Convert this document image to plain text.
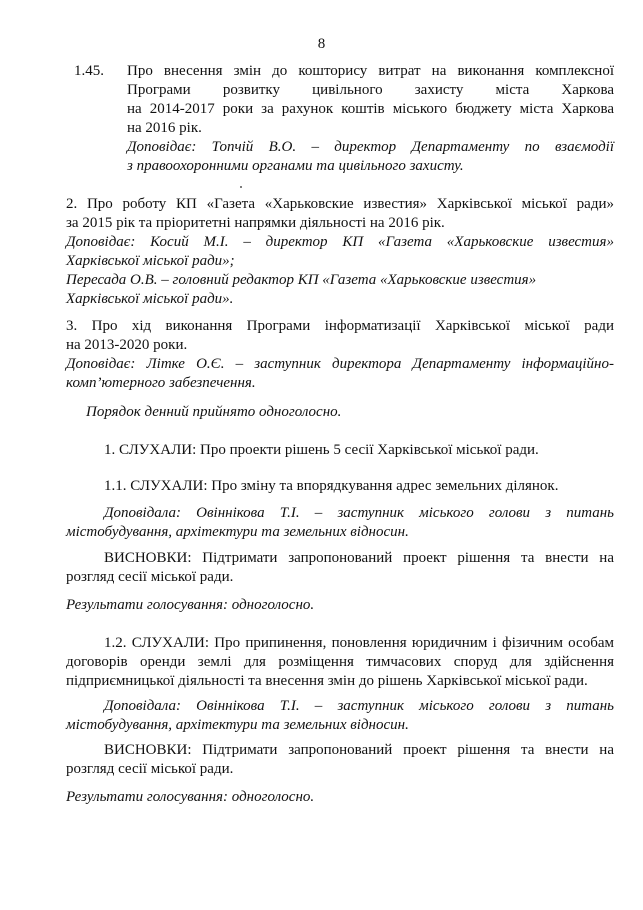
8
1.45. Про внесення змін до кошторису витрат на виконання комплексної

Програми розвитку цивільного захисту міста Харкова

на 2014-2017 роки за рахунок коштів міського бюджету міста Харкова

на 2016 рік.

Доповідає: Топчій В.О. – директор Департаменту по взаємодії

з правоохоронними органами та цивільного захисту.

2. Про роботу КП «Газета «Харьковские известия» Харківської міської ради»

за 2015 рік та пріоритетні напрямки діяльності на 2016 рік.

Доповідає: Косий М.І. – директор КП «Газета «Харьковские известия»

Харківської міської ради»;

Пересада О.В. – головний редактор КП «Газета «Харьковские известия»

Харківської міської ради».

3. Про хід виконання Програми інформатизації Харківської міської ради

на 2013-2020 роки.

Доповідає: Літке О.Є. – заступник директора Департаменту інформаційно-

комп’ютерного забезпечення.

Порядок денний прийнято одноголосно.

1. СЛУХАЛИ: Про проекти рішень 5 сесії Харківської міської ради.

1.1. СЛУХАЛИ: Про зміну та впорядкування адрес земельних ділянок.

Доповідала: Овіннікова Т.І. – заступник міського голови з питань

містобудування, архітектури та земельних відносин.

ВИСНОВКИ: Підтримати запропонований проект рішення та внести на

розгляд сесії міської ради.

Результати голосування: одноголосно.

1.2. СЛУХАЛИ: Про припинення, поновлення юридичним і фізичним особам

договорів оренди землі для розміщення тимчасових споруд для здійснення

підприємницької діяльності та внесення змін до рішень Харківської міської ради.

Доповідала: Овіннікова Т.І. – заступник міського голови з питань

містобудування, архітектури та земельних відносин.

ВИСНОВКИ: Підтримати запропонований проект рішення та внести на

розгляд сесії міської ради.

Результати голосування: одноголосно.
